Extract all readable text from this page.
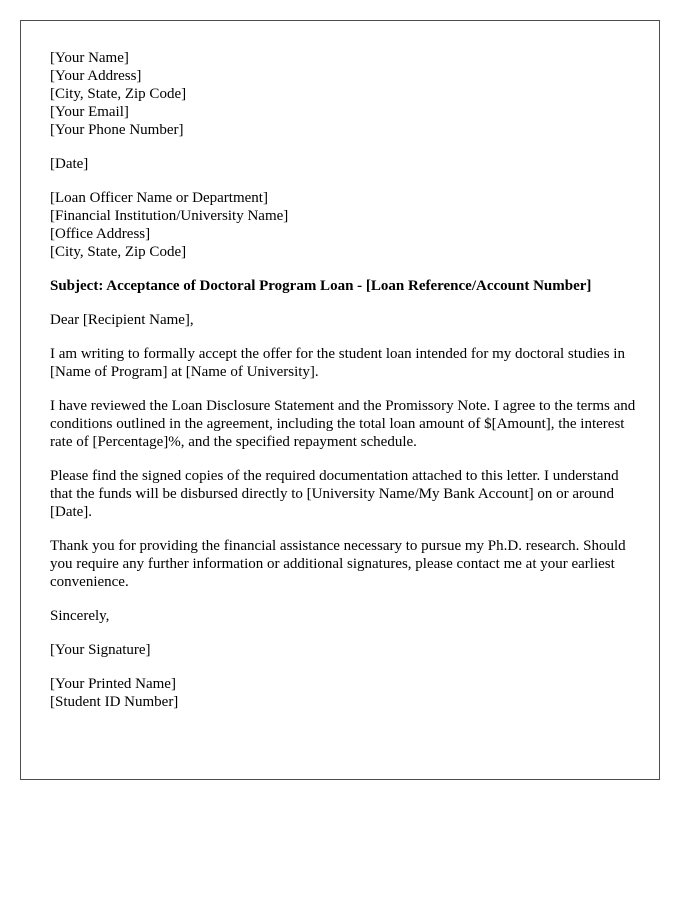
[Your Name]
[Your Address]
[City, State, Zip Code]
[Your Email]
[Your Phone Number]
[Date]
[Loan Officer Name or Department]
[Financial Institution/University Name]
[Office Address]
[City, State, Zip Code]

Subject: Acceptance of Doctoral Program Loan - [Loan Reference/Account Number]

Dear [Recipient Name],

I am writing to formally accept the offer for the student loan intended for my doctoral studies in [Name of Program] at [Name of University].

I have reviewed the Loan Disclosure Statement and the Promissory Note. I agree to the terms and conditions outlined in the agreement, including the total loan amount of $[Amount], the interest rate of [Percentage]%, and the specified repayment schedule.

Please find the signed copies of the required documentation attached to this letter. I understand that the funds will be disbursed directly to [University Name/My Bank Account] on or around [Date].

Thank you for providing the financial assistance necessary to pursue my Ph.D. research. Should you require any further information or additional signatures, please contact me at your earliest convenience.

Sincerely,

[Your Signature]

[Your Printed Name]
[Student ID Number]
